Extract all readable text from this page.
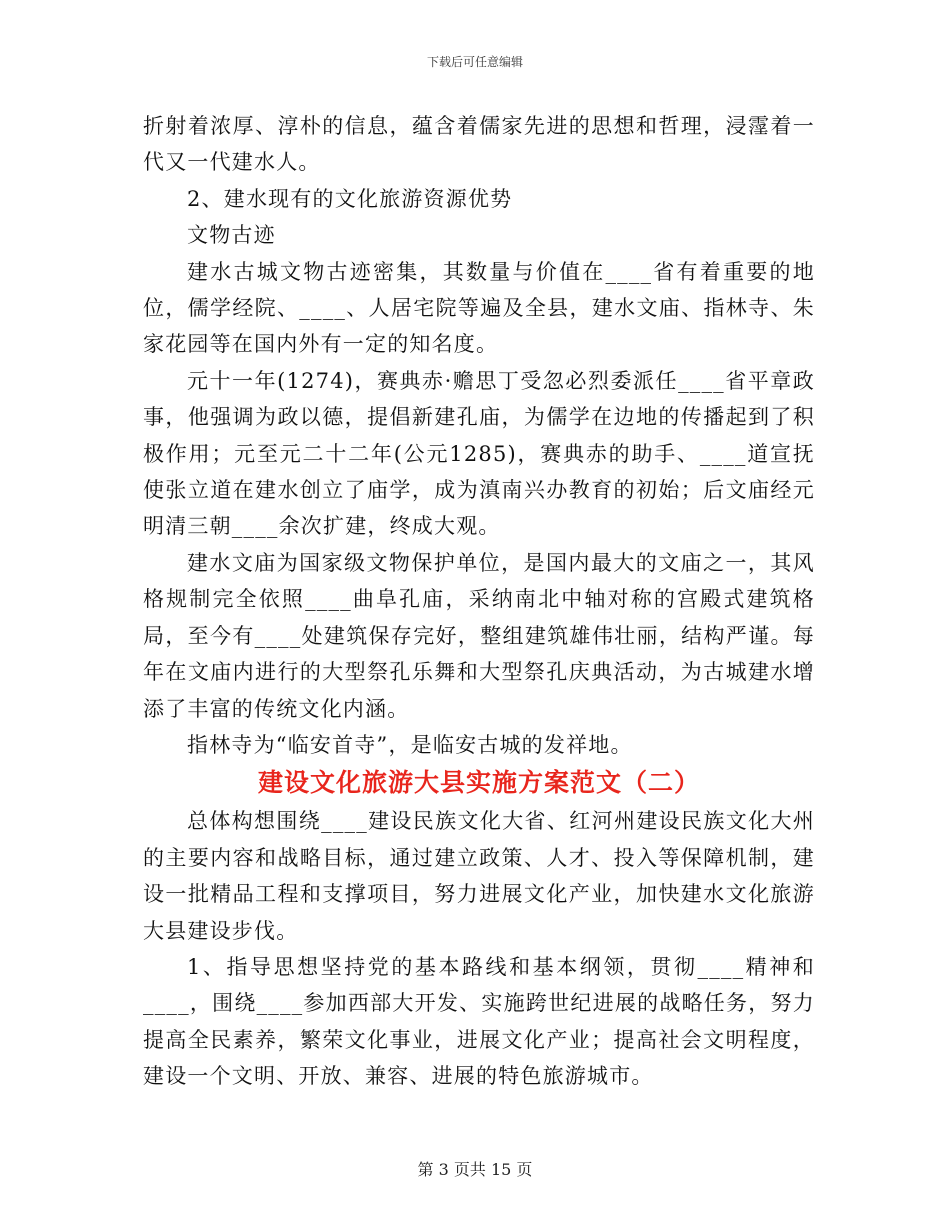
下载后可任意编辑

折射着浓厚、淳朴的信息，蕴含着儒家先进的思想和哲理，浸霪着一代又一代建水人。

2、建水现有的文化旅游资源优势

文物古迹

建水古城文物古迹密集，其数量与价值在____省有着重要的地位，儒学经院、____、人居宅院等遍及全县，建水文庙、指林寺、朱家花园等在国内外有一定的知名度。

元十一年(1274)，赛典赤·赡思丁受忽必烈委派任____省平章政事，他强调为政以德，提倡新建孔庙，为儒学在边地的传播起到了积极作用；元至元二十二年(公元1285)，赛典赤的助手、____道宣抚使张立道在建水创立了庙学，成为滇南兴办教育的初始；后文庙经元明清三朝____余次扩建，终成大观。

建水文庙为国家级文物保护单位，是国内最大的文庙之一，其风格规制完全依照____曲阜孔庙，采纳南北中轴对称的宫殿式建筑格局，至今有____处建筑保存完好，整组建筑雄伟壮丽，结构严谨。每年在文庙内进行的大型祭孔乐舞和大型祭孔庆典活动，为古城建水增添了丰富的传统文化内涵。

指林寺为“临安首寺”，是临安古城的发祥地。

建设文化旅游大县实施方案范文（二）

总体构想围绕____建设民族文化大省、红河州建设民族文化大州的主要内容和战略目标，通过建立政策、人才、投入等保障机制，建设一批精品工程和支撑项目，努力进展文化产业，加快建水文化旅游大县建设步伐。

1、指导思想坚持党的基本路线和基本纲领，贯彻____精神和____，围绕____参加西部大开发、实施跨世纪进展的战略任务，努力提高全民素养，繁荣文化事业，进展文化产业；提高社会文明程度，建设一个文明、开放、兼容、进展的特色旅游城市。

第 3 页共 15 页
